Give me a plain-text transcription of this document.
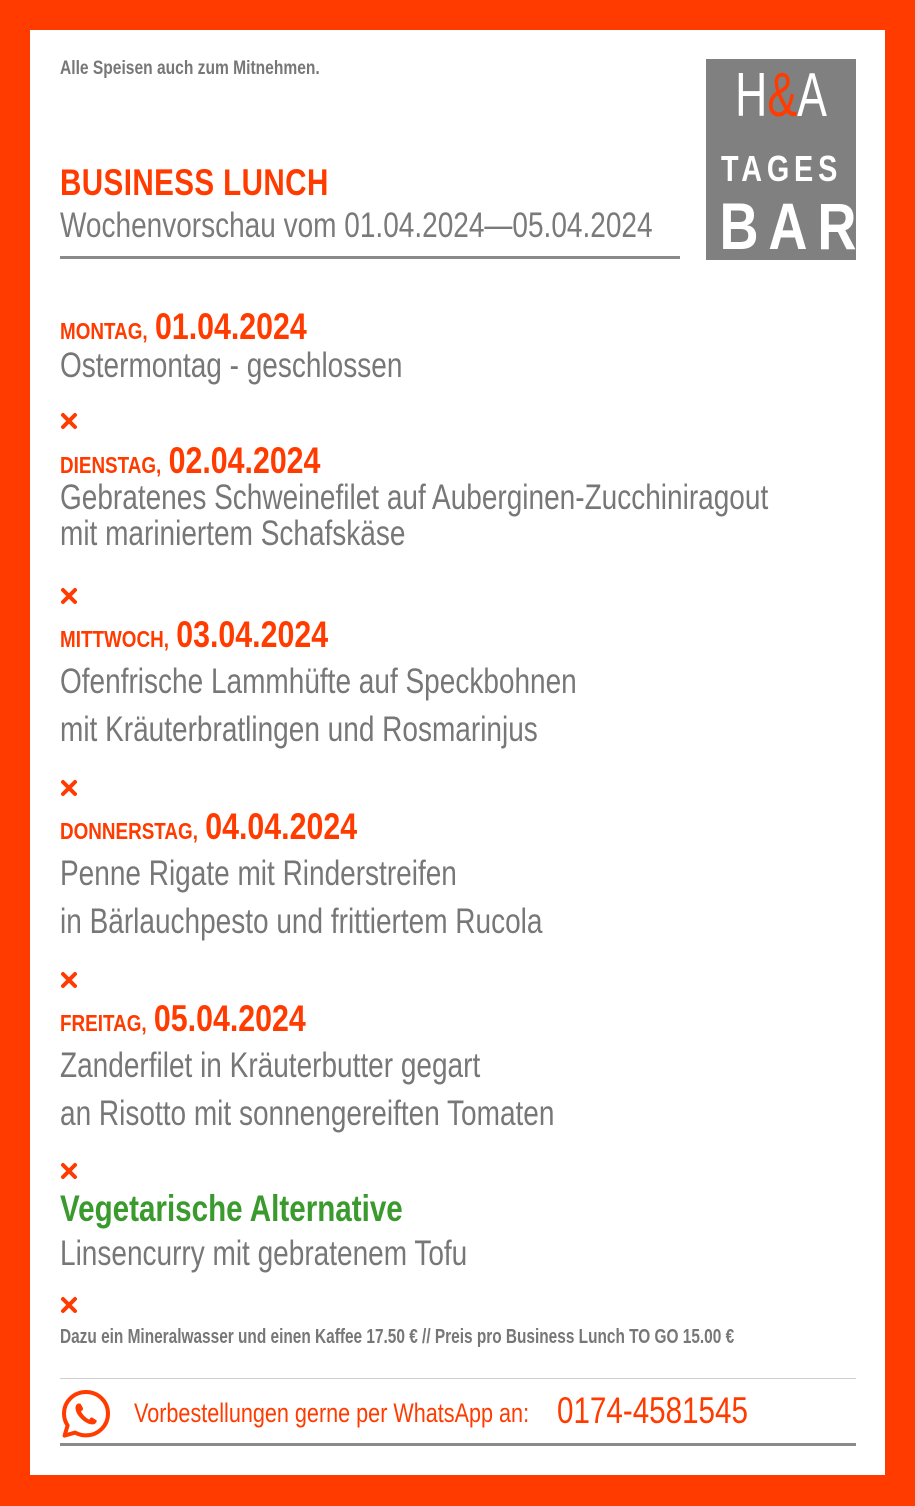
Alle Speisen auch zum Mitnehmen.
BUSINESS LUNCH
Wochenvorschau vom 01.04.2024—05.04.2024
H&A
TAGES
BAR
MONTAG, 01.04.2024
Ostermontag - geschlossen
DIENSTAG, 02.04.2024
Gebratenes Schweinefilet auf Auberginen-Zucchiniragout
mit mariniertem Schafskäse
MITTWOCH, 03.04.2024
Ofenfrische Lammhüfte auf Speckbohnen
mit Kräuterbratlingen und Rosmarinjus
DONNERSTAG, 04.04.2024
Penne Rigate mit Rinderstreifen
in Bärlauchpesto und frittiertem Rucola
FREITAG, 05.04.2024
Zanderfilet in Kräuterbutter gegart
an Risotto mit sonnengereiften Tomaten
Vegetarische Alternative
Linsencurry mit gebratenem Tofu
Dazu ein Mineralwasser und einen Kaffee 17.50 € // Preis pro Business Lunch TO GO 15.00 €
Vorbestellungen gerne per WhatsApp an: 0174-4581545
